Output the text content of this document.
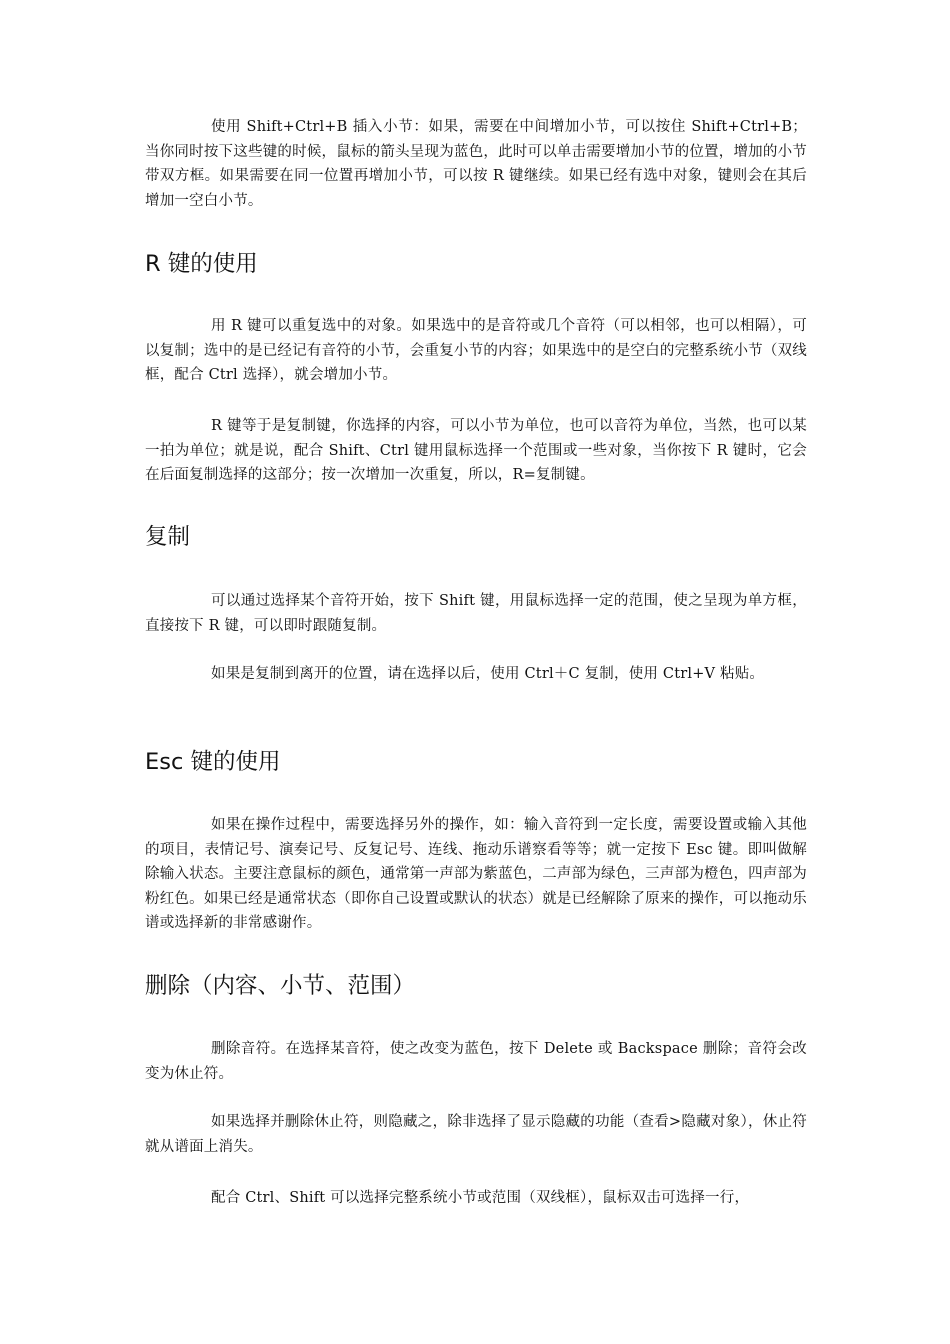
使用 Shift+Ctrl+B 插入小节：如果，需要在中间增加小节，可以按住 Shift+Ctrl+B；当你同时按下这些键的时候，鼠标的箭头呈现为蓝色，此时可以单击需要增加小节的位置，增加的小节带双方框。如果需要在同一位置再增加小节，可以按 R 键继续。如果已经有选中对象，键则会在其后增加一空白小节。

R 键的使用

用 R 键可以重复选中的对象。如果选中的是音符或几个音符（可以相邻，也可以相隔），可以复制；选中的是已经记有音符的小节，会重复小节的内容；如果选中的是空白的完整系统小节（双线框，配合 Ctrl 选择），就会增加小节。

R 键等于是复制键，你选择的内容，可以小节为单位，也可以音符为单位，当然，也可以某一拍为单位；就是说，配合 Shift、Ctrl 键用鼠标选择一个范围或一些对象，当你按下 R 键时，它会在后面复制选择的这部分；按一次增加一次重复，所以，R=复制键。

复制

可以通过选择某个音符开始，按下 Shift 键，用鼠标选择一定的范围，使之呈现为单方框，直接按下 R 键，可以即时跟随复制。

如果是复制到离开的位置，请在选择以后，使用 Ctrl＋C 复制，使用 Ctrl+V 粘贴。

Esc 键的使用

如果在操作过程中，需要选择另外的操作，如：输入音符到一定长度，需要设置或输入其他的项目，表情记号、演奏记号、反复记号、连线、拖动乐谱察看等等；就一定按下 Esc 键。即叫做解除输入状态。主要注意鼠标的颜色，通常第一声部为紫蓝色，二声部为绿色，三声部为橙色，四声部为粉红色。如果已经是通常状态（即你自己设置或默认的状态）就是已经解除了原来的操作，可以拖动乐谱或选择新的非常感谢作。

删除（内容、小节、范围）

删除音符。在选择某音符，使之改变为蓝色，按下 Delete 或 Backspace 删除；音符会改变为休止符。

如果选择并删除休止符，则隐藏之，除非选择了显示隐藏的功能（查看>隐藏对象），休止符就从谱面上消失。

配合 Ctrl、Shift 可以选择完整系统小节或范围（双线框），鼠标双击可选择一行，
